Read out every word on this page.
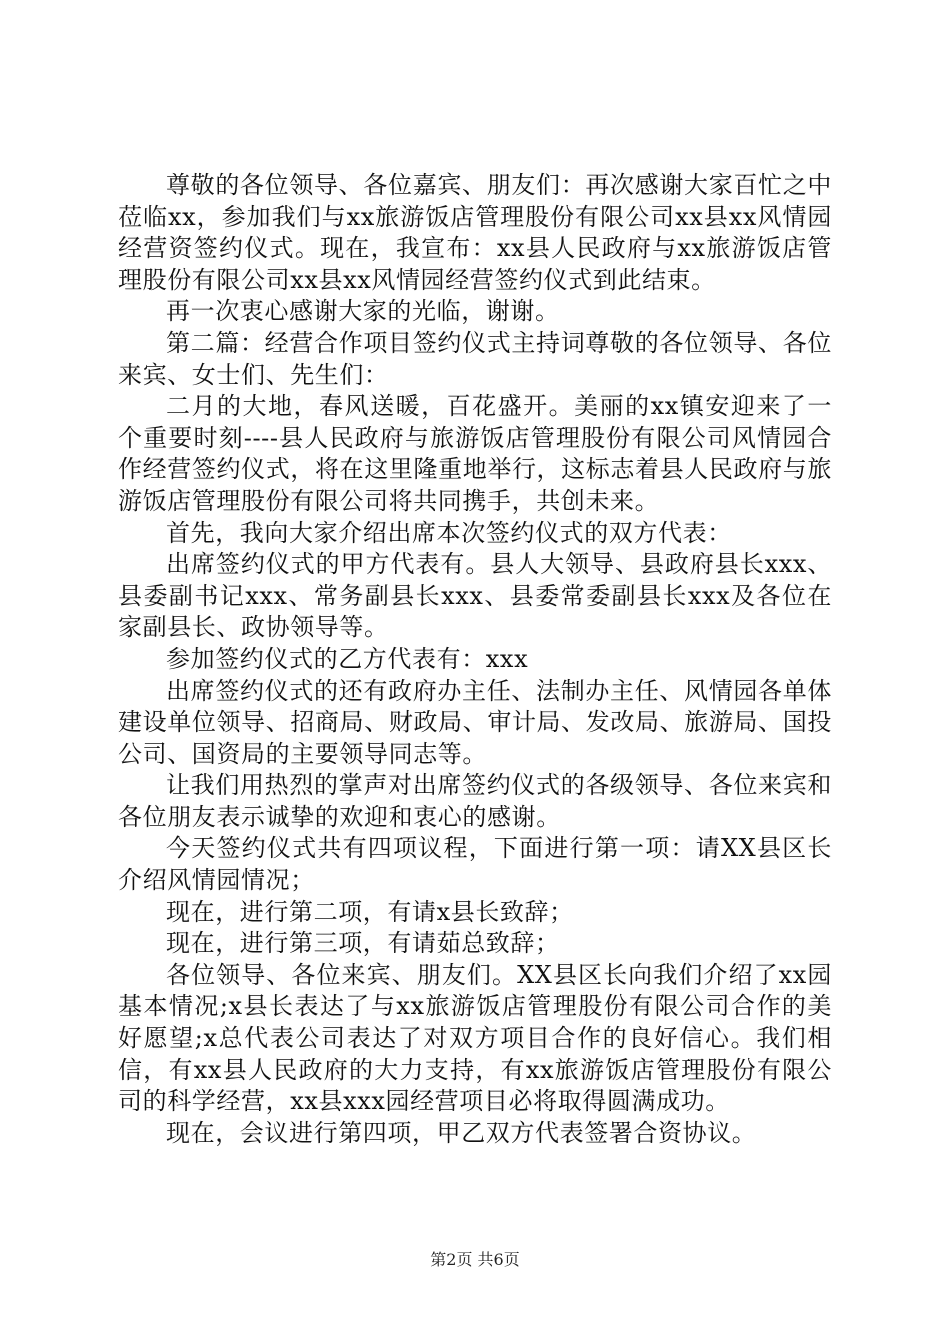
尊敬的各位领导、各位嘉宾、朋友们：再次感谢大家百忙之中莅临xx，参加我们与xx旅游饭店管理股份有限公司xx县xx风情园经营资签约仪式。现在，我宣布：xx县人民政府与xx旅游饭店管理股份有限公司xx县xx风情园经营签约仪式到此结束。

再一次衷心感谢大家的光临，谢谢。

第二篇：经营合作项目签约仪式主持词尊敬的各位领导、各位来宾、女士们、先生们：

二月的大地，春风送暖，百花盛开。美丽的xx镇安迎来了一个重要时刻----县人民政府与旅游饭店管理股份有限公司风情园合作经营签约仪式，将在这里隆重地举行，这标志着县人民政府与旅游饭店管理股份有限公司将共同携手，共创未来。

首先，我向大家介绍出席本次签约仪式的双方代表：

出席签约仪式的甲方代表有。县人大领导、县政府县长xxx、县委副书记xxx、常务副县长xxx、县委常委副县长xxx及各位在家副县长、政协领导等。

参加签约仪式的乙方代表有：xxx

出席签约仪式的还有政府办主任、法制办主任、风情园各单体建设单位领导、招商局、财政局、审计局、发改局、旅游局、国投公司、国资局的主要领导同志等。

让我们用热烈的掌声对出席签约仪式的各级领导、各位来宾和各位朋友表示诚挚的欢迎和衷心的感谢。

今天签约仪式共有四项议程，下面进行第一项：请XX县区长介绍风情园情况；

现在，进行第二项，有请x县长致辞；

现在，进行第三项，有请茹总致辞；

各位领导、各位来宾、朋友们。XX县区长向我们介绍了xx园基本情况;x县长表达了与xx旅游饭店管理股份有限公司合作的美好愿望;x总代表公司表达了对双方项目合作的良好信心。我们相信，有xx县人民政府的大力支持，有xx旅游饭店管理股份有限公司的科学经营，xx县xxx园经营项目必将取得圆满成功。

现在，会议进行第四项，甲乙双方代表签署合资协议。

第2页 共6页
